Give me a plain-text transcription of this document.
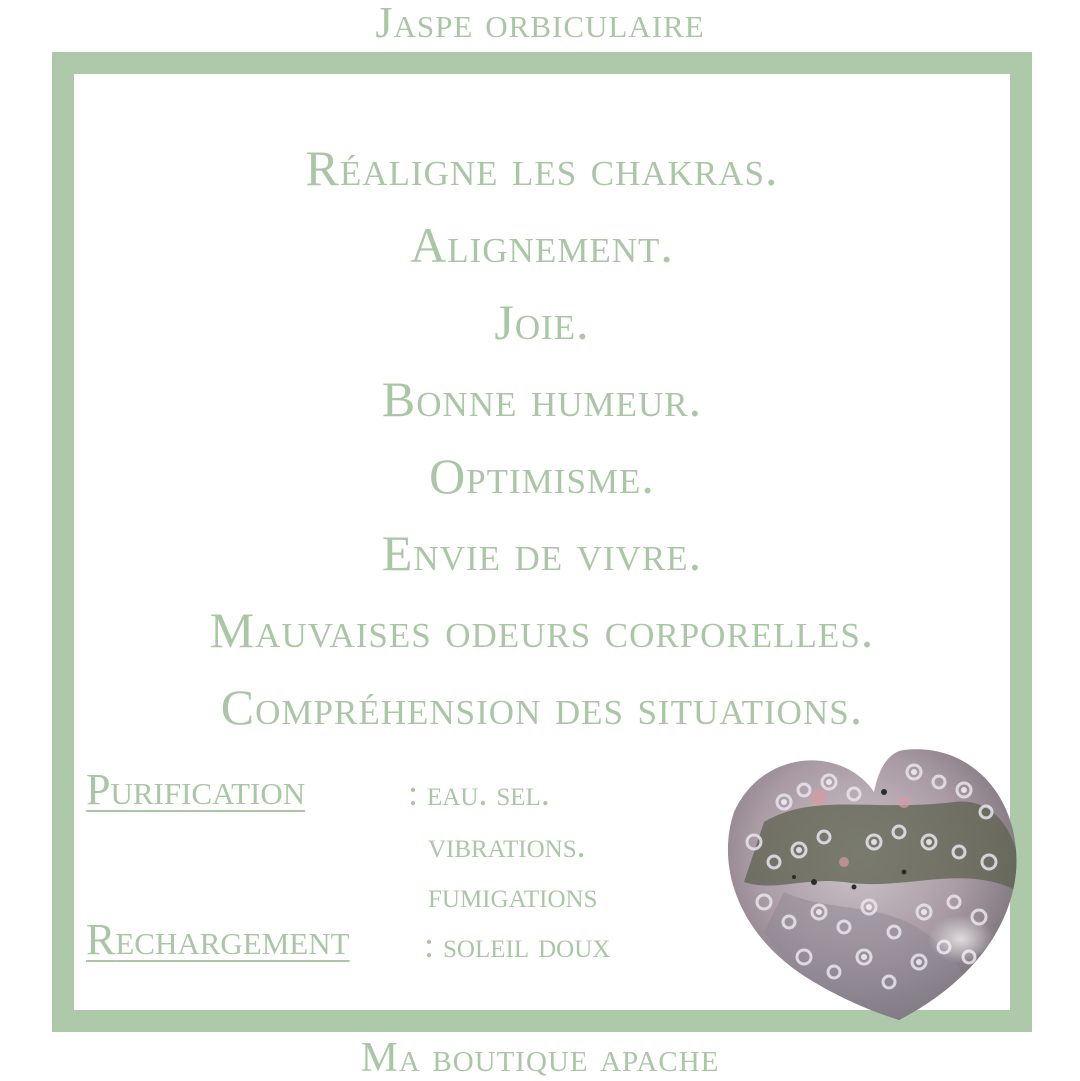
Jaspe orbiculaire
Réaligne les chakras.
Alignement.
Joie.
Bonne humeur.
Optimisme.
Envie de vivre.
Mauvaises odeurs corporelles.
Compréhension des situations.
Purification	: eau. sel.
vibrations.
fumigations
Rechargement : soleil doux
Ma boutique apache
